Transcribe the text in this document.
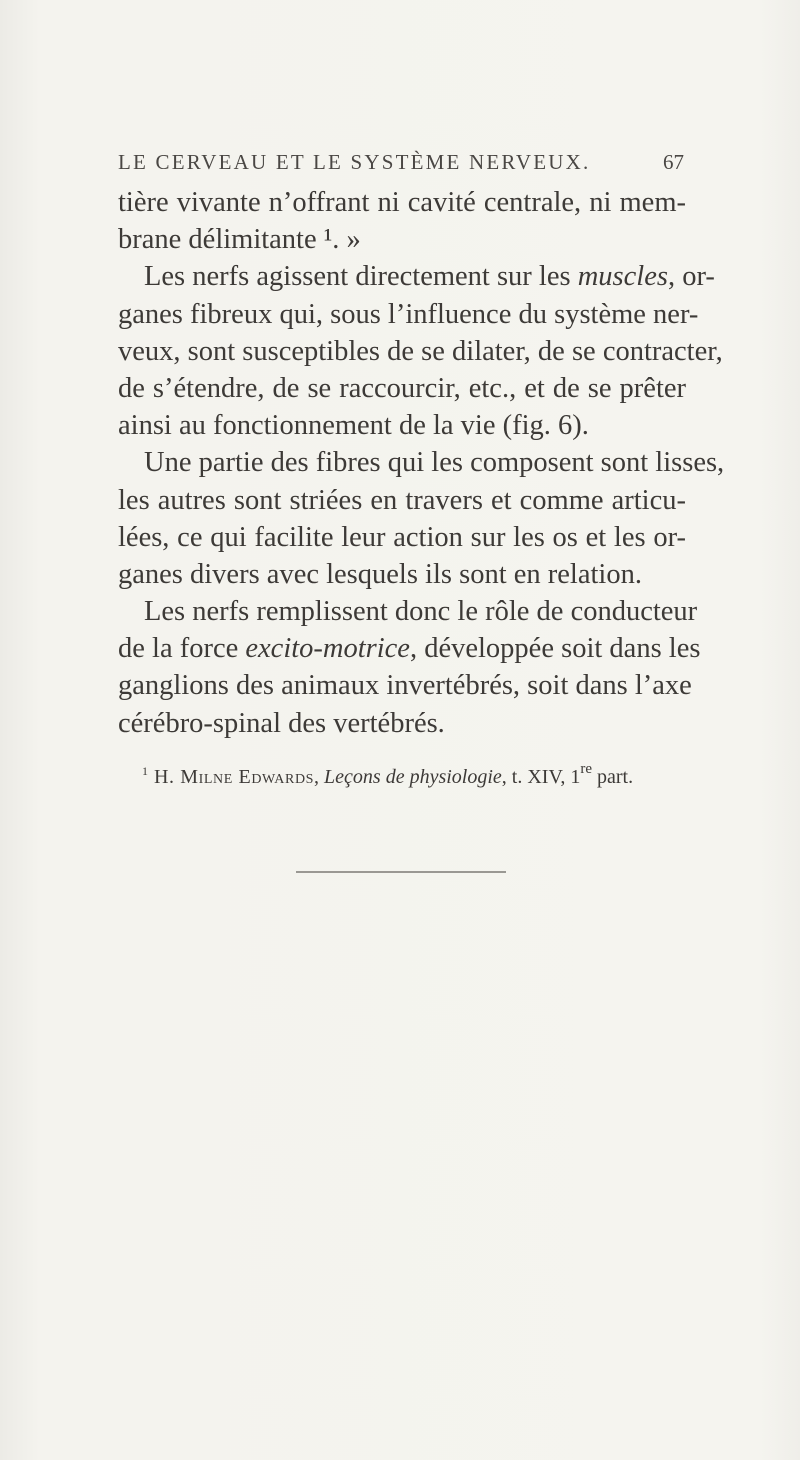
LE CERVEAU ET LE SYSTÈME NERVEUX.	67
tière vivante n’offrant ni cavité centrale, ni mem-
brane délimitante ¹. »
Les nerfs agissent directement sur les muscles, or-
ganes fibreux qui, sous l’influence du système ner-
veux, sont susceptibles de se dilater, de se contracter,
de s’étendre, de se raccourcir, etc., et de se prêter
ainsi au fonctionnement de la vie (fig. 6).
Une partie des fibres qui les composent sont lisses,
les autres sont striées en travers et comme articu-
lées, ce qui facilite leur action sur les os et les or-
ganes divers avec lesquels ils sont en relation.
Les nerfs remplissent donc le rôle de conducteur
de la force excito-motrice, développée soit dans les
ganglions des animaux invertébrés, soit dans l’axe
cérébro-spinal des vertébrés.
$^1$ H. Milne Edwards, Leçons de physiologie, t. XIV, 1re part.
